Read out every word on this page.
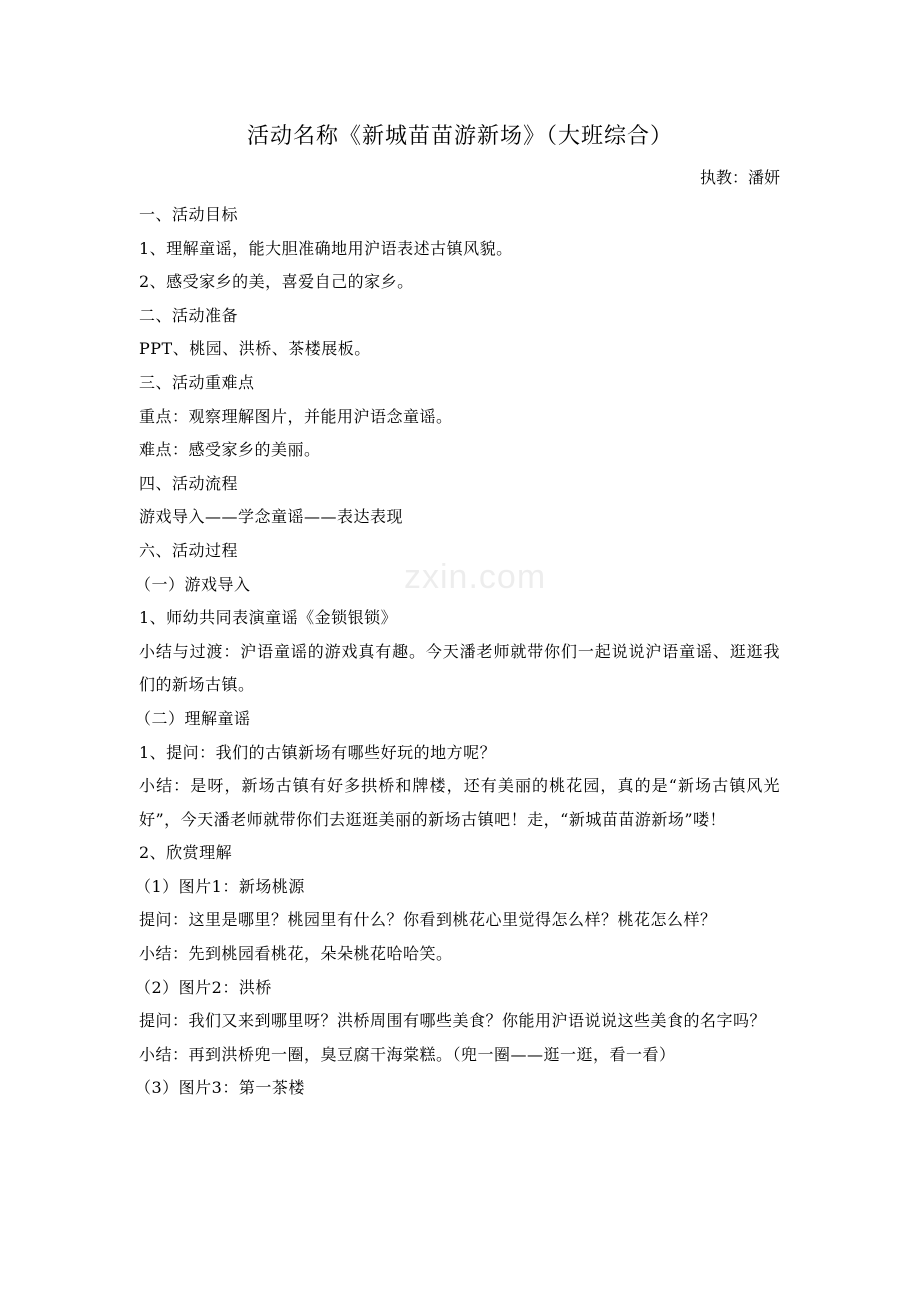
活动名称《新城苗苗游新场》（大班综合）
执教：潘妍

一、活动目标

1、理解童谣，能大胆准确地用沪语表述古镇风貌。

2、感受家乡的美，喜爱自己的家乡。

二、活动准备

PPT、桃园、洪桥、茶楼展板。

三、活动重难点

重点：观察理解图片，并能用沪语念童谣。

难点：感受家乡的美丽。

四、活动流程

游戏导入——学念童谣——表达表现

六、活动过程

（一）游戏导入

1、师幼共同表演童谣《金锁银锁》

小结与过渡：沪语童谣的游戏真有趣。今天潘老师就带你们一起说说沪语童谣、逛逛我们的新场古镇。

（二）理解童谣

1、提问：我们的古镇新场有哪些好玩的地方呢？

小结：是呀，新场古镇有好多拱桥和牌楼，还有美丽的桃花园，真的是“新场古镇风光好”，今天潘老师就带你们去逛逛美丽的新场古镇吧！走，“新城苗苗游新场”喽！

2、欣赏理解

（1）图片1：新场桃源

提问：这里是哪里？桃园里有什么？你看到桃花心里觉得怎么样？桃花怎么样？

小结：先到桃园看桃花，朵朵桃花哈哈笑。

（2）图片2：洪桥

提问：我们又来到哪里呀？洪桥周围有哪些美食？你能用沪语说说这些美食的名字吗？

小结：再到洪桥兜一圈，臭豆腐干海棠糕。（兜一圈——逛一逛，看一看）

（3）图片3：第一茶楼

zxin.com
